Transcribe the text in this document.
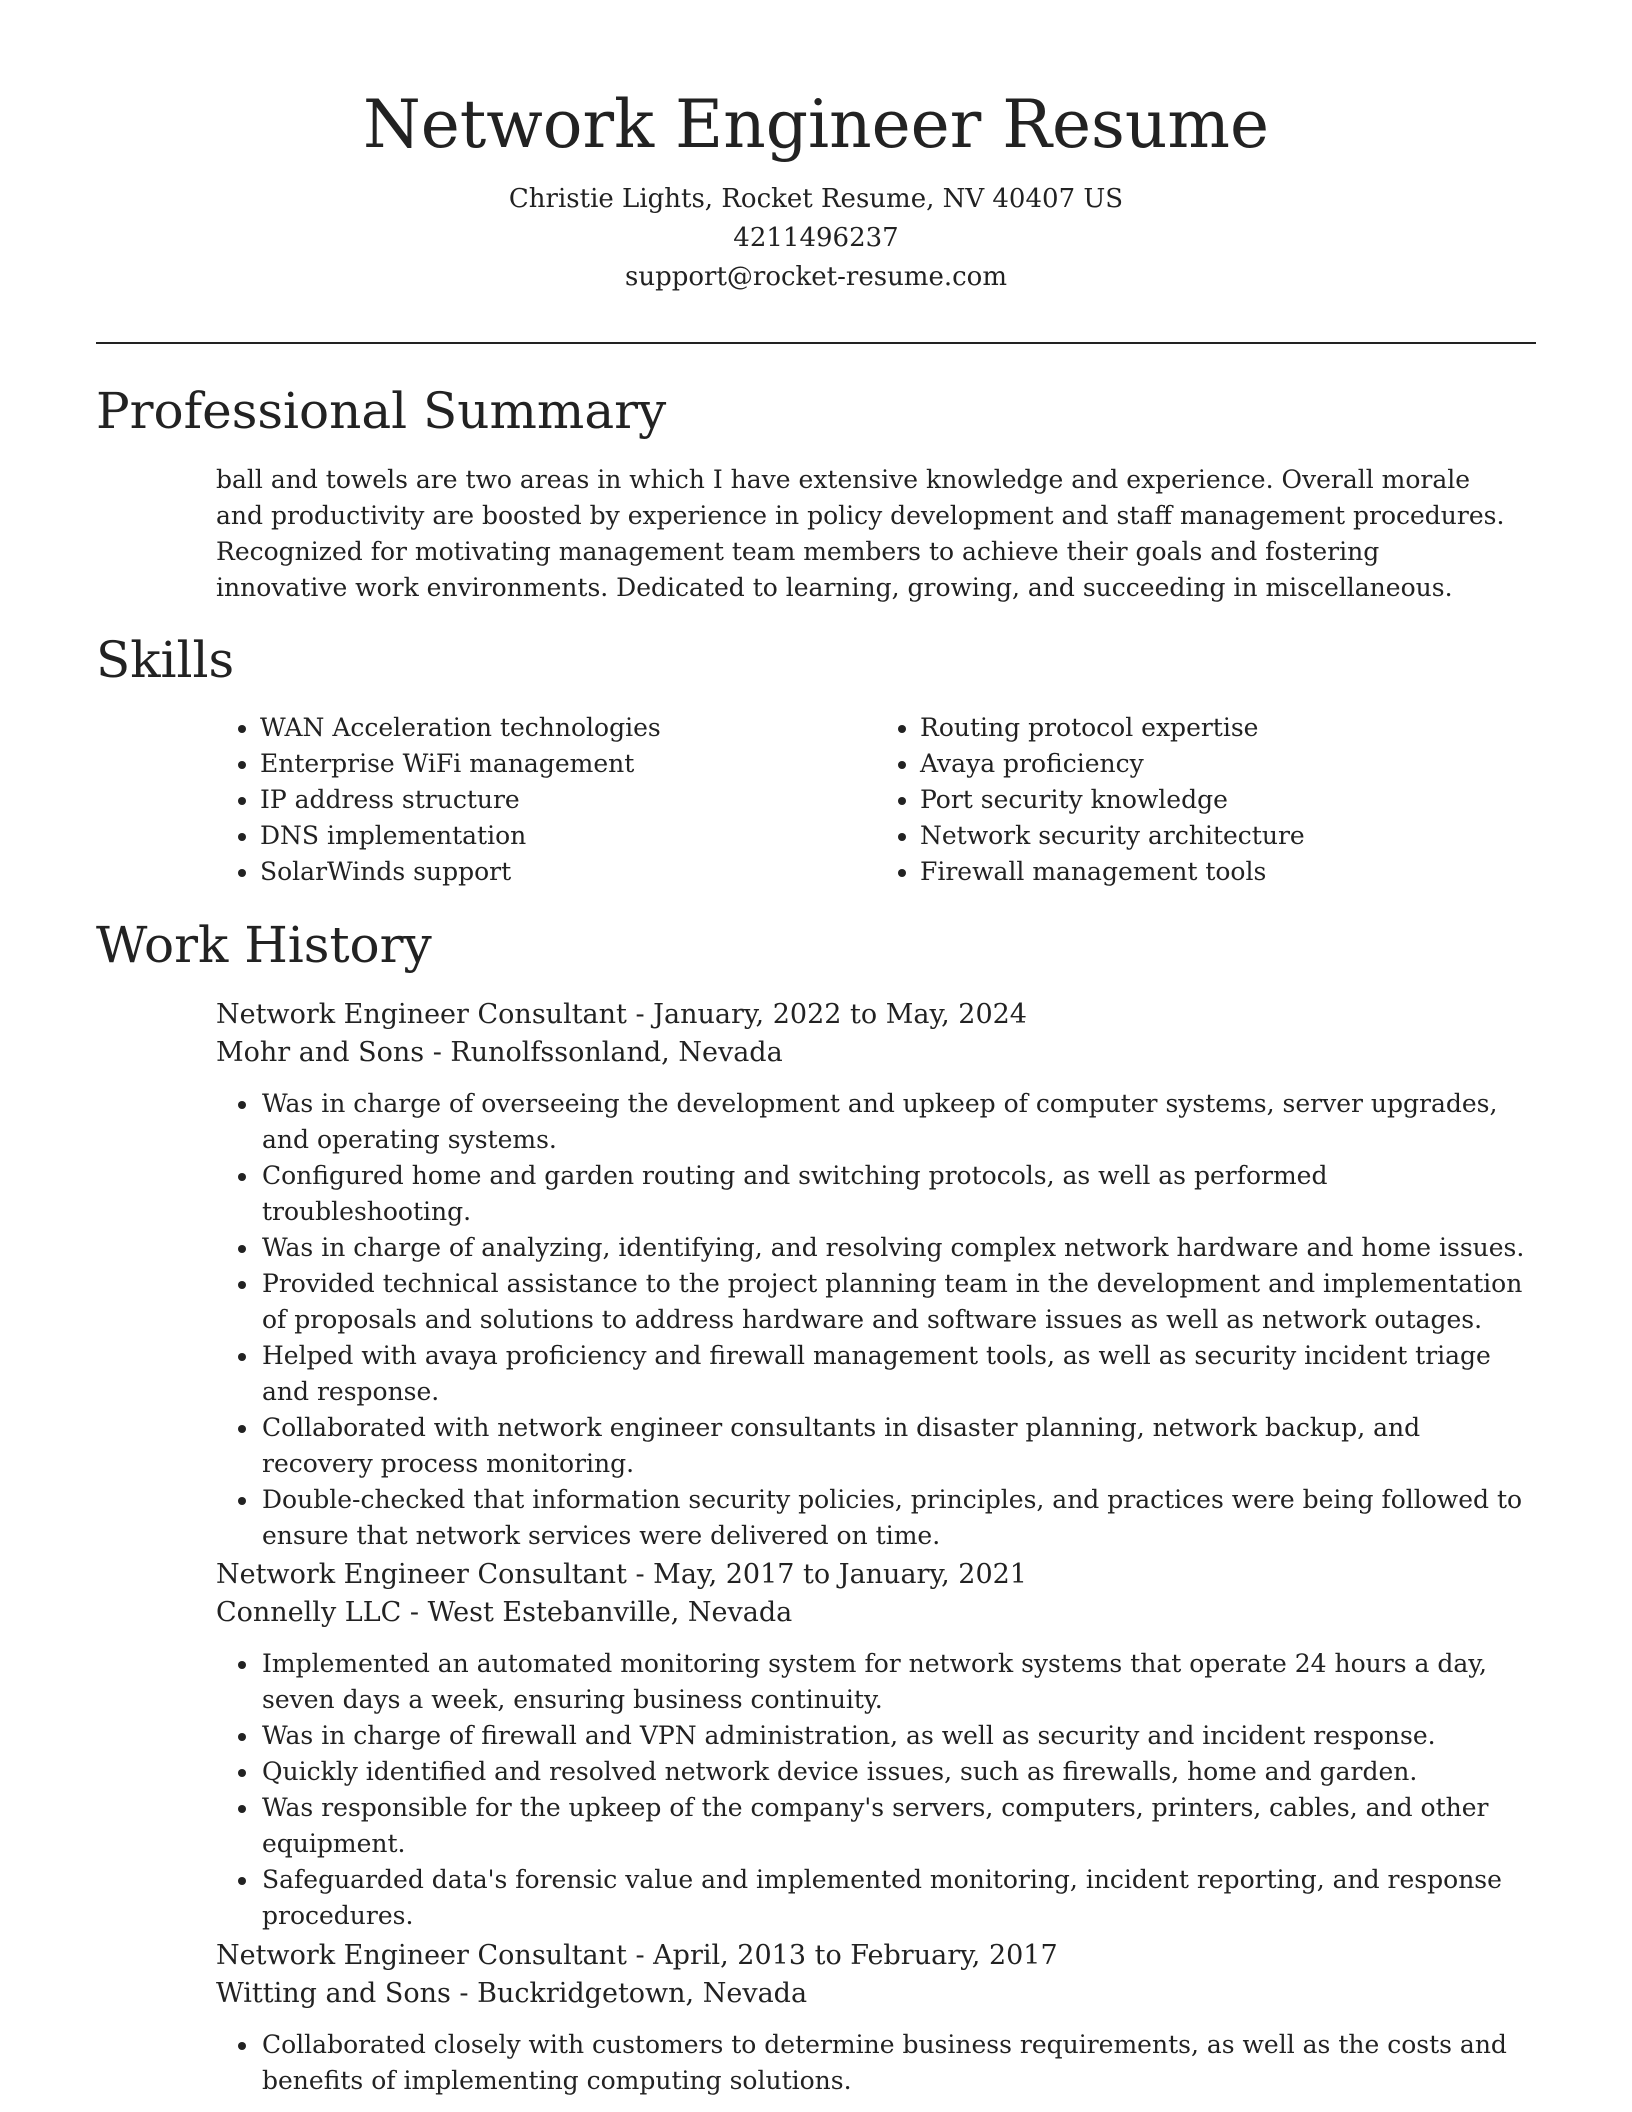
Network Engineer Resume

Christie Lights, Rocket Resume, NV 40407 US

4211496237

support@rocket-resume.com

Professional Summary

ball and towels are two areas in which I have extensive knowledge and experience. Overall morale and productivity are boosted by experience in policy development and staff management procedures. Recognized for motivating management team members to achieve their goals and fostering innovative work environments. Dedicated to learning, growing, and succeeding in miscellaneous.

Skills
• WAN Acceleration technologies
• Enterprise WiFi management
• IP address structure
• DNS implementation
• SolarWinds support
• Routing protocol expertise
• Avaya proficiency
• Port security knowledge
• Network security architecture
• Firewall management tools
Work History

Network Engineer Consultant - January, 2022 to May, 2024

Mohr and Sons - Runolfssonland, Nevada

• Was in charge of overseeing the development and upkeep of computer systems, server upgrades, and operating systems.
• Configured home and garden routing and switching protocols, as well as performed troubleshooting.
• Was in charge of analyzing, identifying, and resolving complex network hardware and home issues.
• Provided technical assistance to the project planning team in the development and implementation of proposals and solutions to address hardware and software issues as well as network outages.
• Helped with avaya proficiency and firewall management tools, as well as security incident triage and response.
• Collaborated with network engineer consultants in disaster planning, network backup, and recovery process monitoring.
• Double-checked that information security policies, principles, and practices were being followed to ensure that network services were delivered on time.

Network Engineer Consultant - May, 2017 to January, 2021

Connelly LLC - West Estebanville, Nevada

• Implemented an automated monitoring system for network systems that operate 24 hours a day, seven days a week, ensuring business continuity.
• Was in charge of firewall and VPN administration, as well as security and incident response.
• Quickly identified and resolved network device issues, such as firewalls, home and garden.
• Was responsible for the upkeep of the company's servers, computers, printers, cables, and other equipment.
• Safeguarded data's forensic value and implemented monitoring, incident reporting, and response procedures.

Network Engineer Consultant - April, 2013 to February, 2017

Witting and Sons - Buckridgetown, Nevada

• Collaborated closely with customers to determine business requirements, as well as the costs and benefits of implementing computing solutions.
